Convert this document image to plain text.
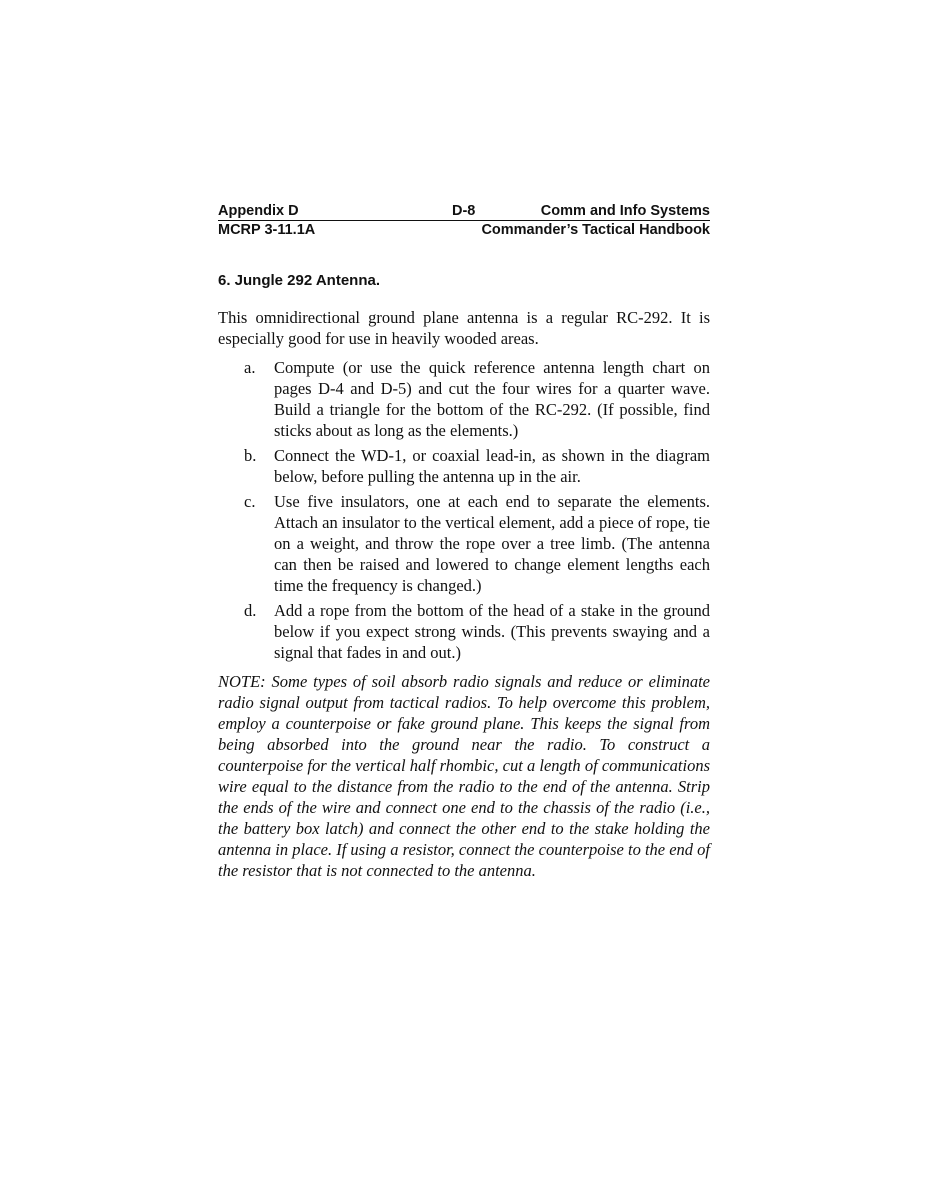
Appendix D	D-8	Comm and Info Systems
MCRP 3-11.1A	Commander’s Tactical Handbook
6. Jungle 292 Antenna.

This omnidirectional ground plane antenna is a regular RC-292. It is especially good for use in heavily wooded areas.

a. Compute (or use the quick reference antenna length chart on pages D-4 and D-5) and cut the four wires for a quarter wave. Build a triangle for the bottom of the RC-292. (If possible, find sticks about as long as the elements.)
b. Connect the WD-1, or coaxial lead-in, as shown in the diagram below, before pulling the antenna up in the air.
c. Use five insulators, one at each end to separate the elements. Attach an insulator to the vertical element, add a piece of rope, tie on a weight, and throw the rope over a tree limb. (The antenna can then be raised and lowered to change element lengths each time the frequency is changed.)
d. Add a rope from the bottom of the head of a stake in the ground below if you expect strong winds. (This prevents swaying and a signal that fades in and out.)

NOTE: Some types of soil absorb radio signals and reduce or eliminate radio signal output from tactical radios. To help overcome this problem, employ a counterpoise or fake ground plane. This keeps the signal from being absorbed into the ground near the radio. To construct a counterpoise for the vertical half rhombic, cut a length of communications wire equal to the distance from the radio to the end of the antenna. Strip the ends of the wire and connect one end to the chassis of the radio (i.e., the battery box latch) and connect the other end to the stake holding the antenna in place. If using a resistor, connect the counterpoise to the end of the resistor that is not connected to the antenna.
